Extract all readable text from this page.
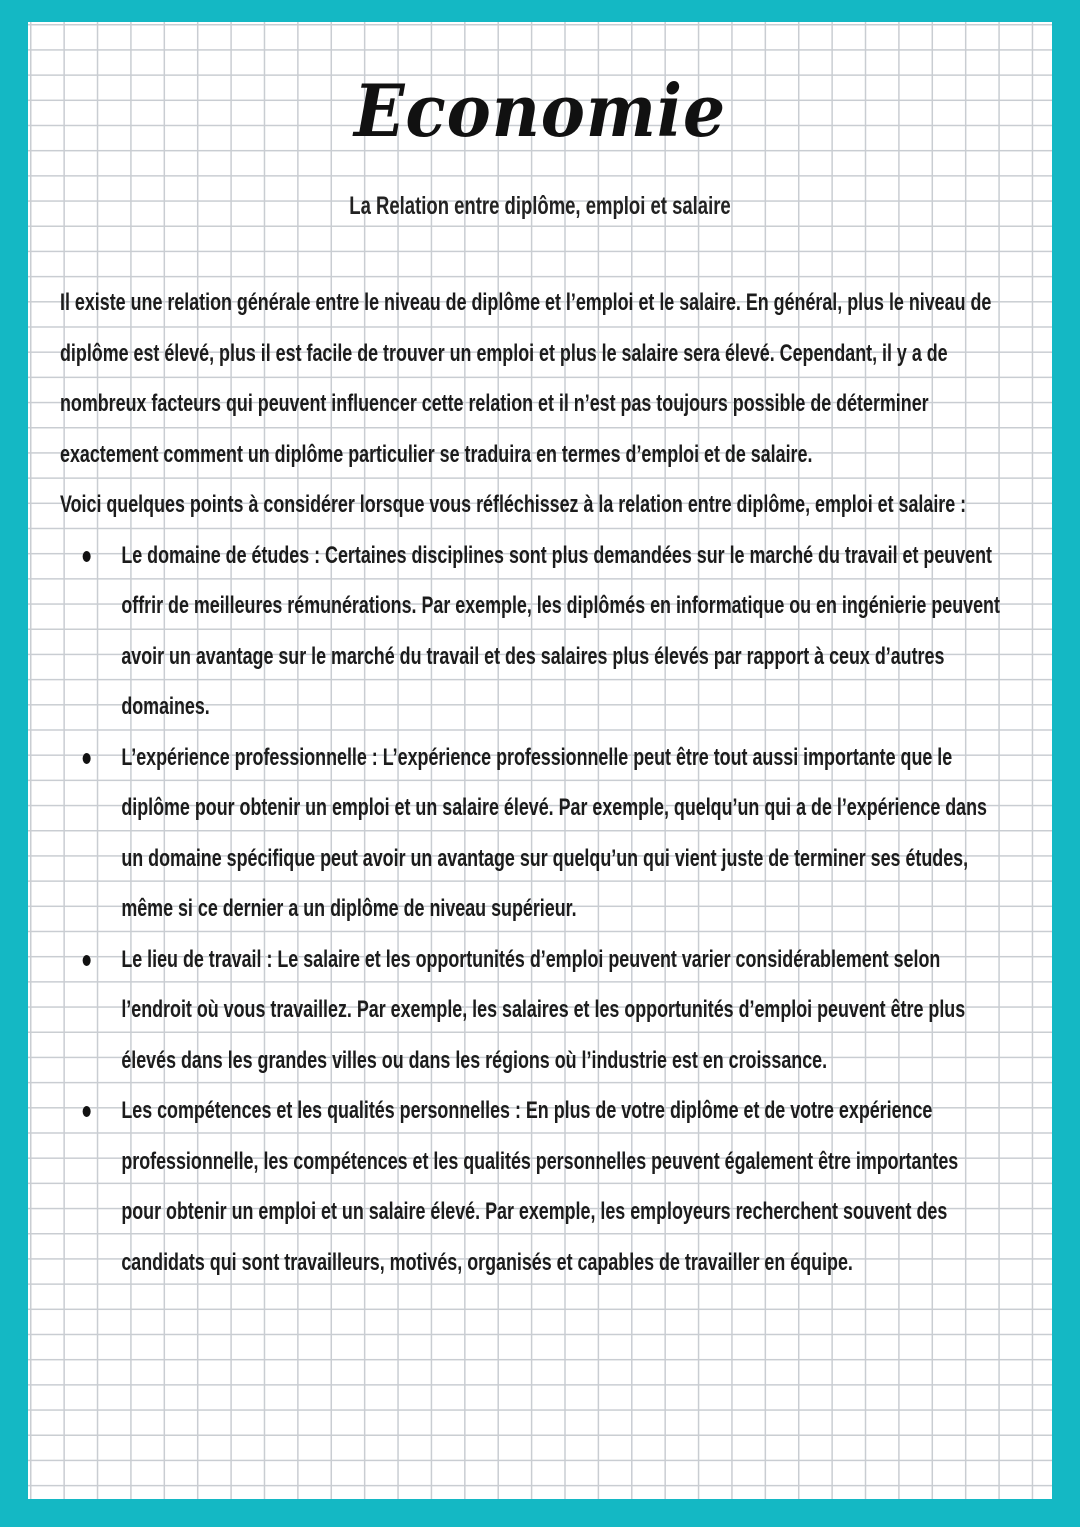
Economie
La Relation entre diplôme, emploi et salaire

Il existe une relation générale entre le niveau de diplôme et l’emploi et le salaire. En général, plus le niveau de diplôme est élevé, plus il est facile de trouver un emploi et plus le salaire sera élevé. Cependant, il y a de nombreux facteurs qui peuvent influencer cette relation et il n’est pas toujours possible de déterminer exactement comment un diplôme particulier se traduira en termes d’emploi et de salaire.

Voici quelques points à considérer lorsque vous réfléchissez à la relation entre diplôme, emploi et salaire :

Le domaine de études : Certaines disciplines sont plus demandées sur le marché du travail et peuvent offrir de meilleures rémunérations. Par exemple, les diplômés en informatique ou en ingénierie peuvent avoir un avantage sur le marché du travail et des salaires plus élevés par rapport à ceux d’autres domaines.
L’expérience professionnelle : L’expérience professionnelle peut être tout aussi importante que le diplôme pour obtenir un emploi et un salaire élevé. Par exemple, quelqu’un qui a de l’expérience dans un domaine spécifique peut avoir un avantage sur quelqu’un qui vient juste de terminer ses études, même si ce dernier a un diplôme de niveau supérieur.
Le lieu de travail : Le salaire et les opportunités d’emploi peuvent varier considérablement selon l’endroit où vous travaillez. Par exemple, les salaires et les opportunités d’emploi peuvent être plus élevés dans les grandes villes ou dans les régions où l’industrie est en croissance.
Les compétences et les qualités personnelles : En plus de votre diplôme et de votre expérience professionnelle, les compétences et les qualités personnelles peuvent également être importantes pour obtenir un emploi et un salaire élevé. Par exemple, les employeurs recherchent souvent des candidats qui sont travailleurs, motivés, organisés et capables de travailler en équipe.
